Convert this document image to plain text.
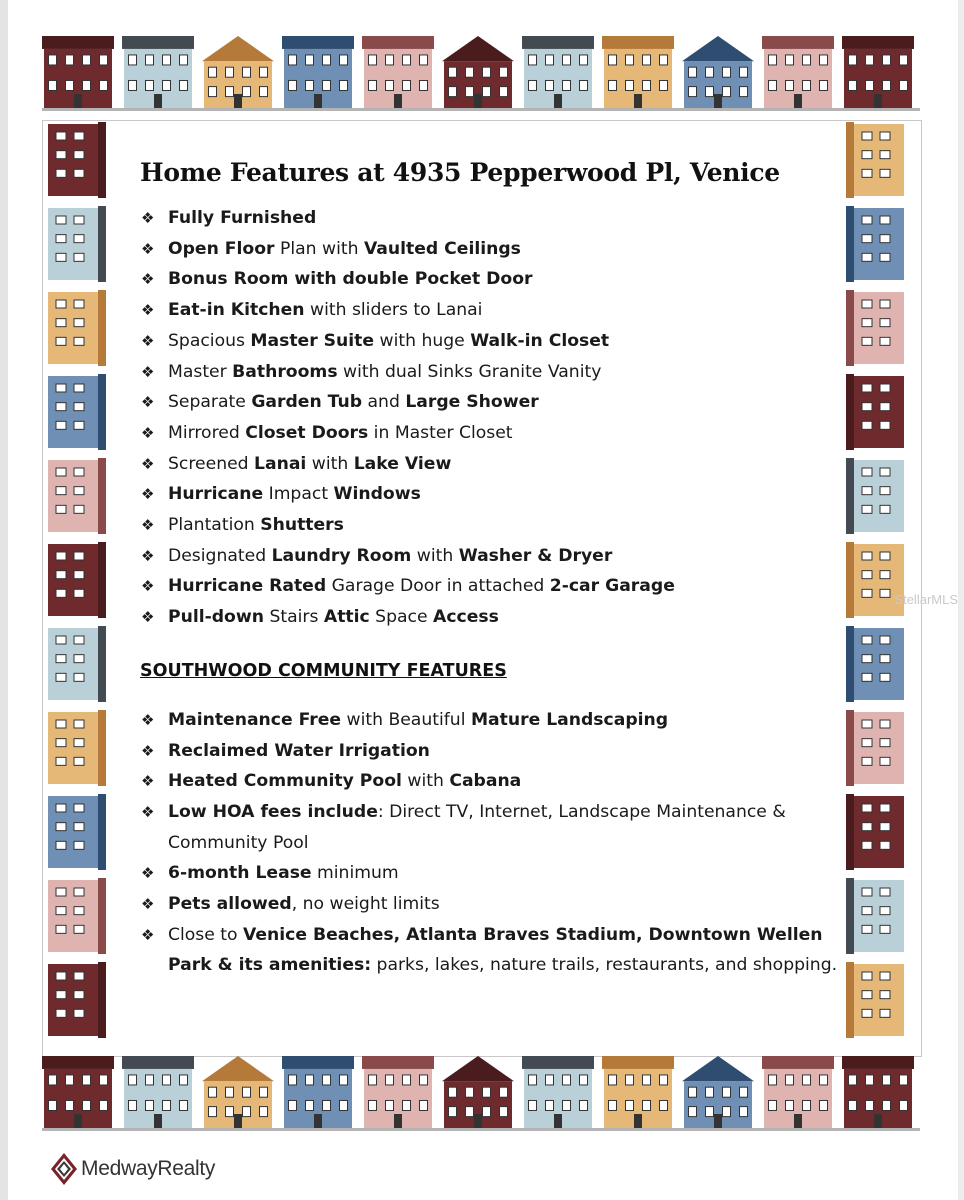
Home Features at 4935 Pepperwood Pl, Venice
❖ Fully Furnished
❖ Open Floor Plan with Vaulted Ceilings
❖ Bonus Room with double Pocket Door
❖ Eat-in Kitchen with sliders to Lanai
❖ Spacious Master Suite with huge Walk-in Closet
❖ Master Bathrooms with dual Sinks Granite Vanity
❖ Separate Garden Tub and Large Shower
❖ Mirrored Closet Doors in Master Closet
❖ Screened Lanai with Lake View
❖ Hurricane Impact Windows
❖ Plantation Shutters
❖ Designated Laundry Room with Washer & Dryer
❖ Hurricane Rated Garage Door in attached 2-car Garage
❖ Pull-down Stairs Attic Space Access
SOUTHWOOD COMMUNITY FEATURES
❖ Maintenance Free with Beautiful Mature Landscaping
❖ Reclaimed Water Irrigation
❖ Heated Community Pool with Cabana
❖ Low HOA fees include: Direct TV, Internet, Landscape Maintenance & Community Pool
❖ 6-month Lease minimum
❖ Pets allowed, no weight limits
❖ Close to Venice Beaches, Atlanta Braves Stadium, Downtown Wellen Park & its amenities: parks, lakes, nature trails, restaurants, and shopping.
MedwayRealty
StellarMLS
